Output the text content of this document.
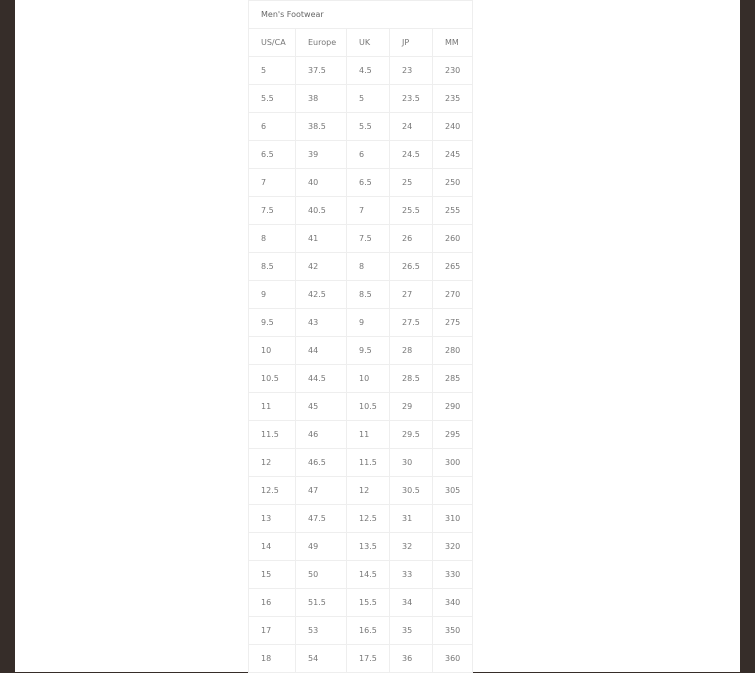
Men's Footwear				
US/CA	Europe	UK	JP	MM
5	37.5	4.5	23	230
5.5	38	5	23.5	235
6	38.5	5.5	24	240
6.5	39	6	24.5	245
7	40	6.5	25	250
7.5	40.5	7	25.5	255
8	41	7.5	26	260
8.5	42	8	26.5	265
9	42.5	8.5	27	270
9.5	43	9	27.5	275
10	44	9.5	28	280
10.5	44.5	10	28.5	285
11	45	10.5	29	290
11.5	46	11	29.5	295
12	46.5	11.5	30	300
12.5	47	12	30.5	305
13	47.5	12.5	31	310
14	49	13.5	32	320
15	50	14.5	33	330
16	51.5	15.5	34	340
17	53	16.5	35	350
18	54	17.5	36	360
